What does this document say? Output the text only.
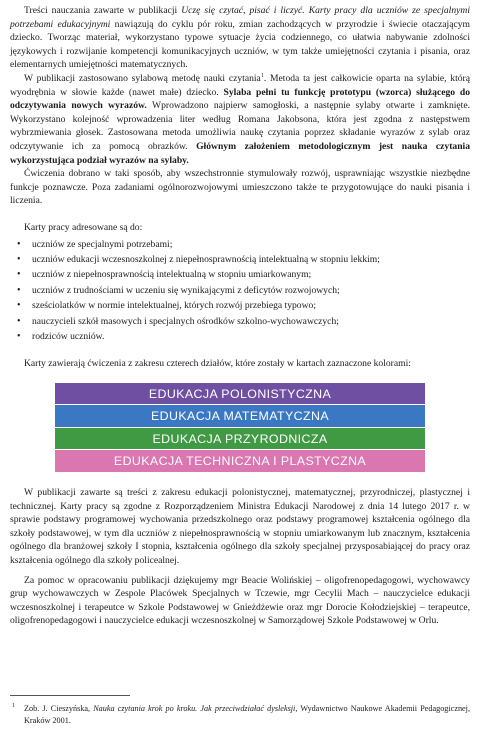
Treści nauczania zawarte w publikacji Uczę się czytać, pisać i liczyć. Karty pracy dla uczniów ze specjalnymi potrzebami edukacyjnymi nawiązują do cyklu pór roku, zmian zachodzących w przyrodzie i świecie otaczającym dziecko. Tworząc materiał, wykorzystano typowe sytuacje życia codziennego, co ułatwia nabywanie zdolności językowych i rozwijanie kompetencji komunikacyjnych uczniów, w tym także umiejętności czytania i pisania, oraz elementarnych umiejętności matematycznych.

W publikacji zastosowano sylabową metodę nauki czytania$^1$. Metoda ta jest całkowicie oparta na sylabie, którą wyodrębnia w słowie każde (nawet małe) dziecko. Sylaba pełni tu funkcję prototypu (wzorca) służącego do odczytywania nowych wyrazów. Wprowadzono najpierw samogłoski, a następnie sylaby otwarte i zamknięte. Wykorzystano kolejność wprowadzenia liter według Romana Jakobsona, która jest zgodna z następstwem wybrzmiewania głosek. Zastosowana metoda umożliwia naukę czytania poprzez składanie wyrazów z sylab oraz odczytywanie ich za pomocą obrazków. Głównym założeniem metodologicznym jest nauka czytania wykorzystująca podział wyrazów na sylaby.

Ćwiczenia dobrano w taki sposób, aby wszechstronnie stymulowały rozwój, usprawniając wszystkie niezbędne funkcje poznawcze. Poza zadaniami ogólnorozwojowymi umieszczono także te przygotowujące do nauki pisania i liczenia.

Karty pracy adresowane są do:

• uczniów ze specjalnymi potrzebami;
• uczniów edukacji wczesnoszkolnej z niepełnosprawnością intelektualną w stopniu lekkim;
• uczniów z niepełnosprawnością intelektualną w stopniu umiarkowanym;
• uczniów z trudnościami w uczeniu się wynikającymi z deficytów rozwojowych;
• sześciolatków w normie intelektualnej, których rozwój przebiega typowo;
• nauczycieli szkół masowych i specjalnych ośrodków szkolno-wychowawczych;
• rodziców uczniów.

Karty zawierają ćwiczenia z zakresu czterech działów, które zostały w kartach zaznaczone kolorami:

EDUKACJA POLONISTYCZNA
EDUKACJA MATEMATYCZNA
EDUKACJA PRZYRODNICZA
EDUKACJA TECHNICZNA I PLASTYCZNA

W publikacji zawarte są treści z zakresu edukacji polonistycznej, matematycznej, przyrodniczej, plastycznej i technicznej. Karty pracy są zgodne z Rozporządzeniem Ministra Edukacji Narodowej z dnia 14 lutego 2017 r. w sprawie podstawy programowej wychowania przedszkolnego oraz podstawy programowej kształcenia ogólnego dla szkoły podstawowej, w tym dla uczniów z niepełnosprawnością w stopniu umiarkowanym lub znacznym, kształcenia ogólnego dla branżowej szkoły I stopnia, kształcenia ogólnego dla szkoły specjalnej przysposabiającej do pracy oraz kształcenia ogólnego dla szkoły policealnej.

Za pomoc w opracowaniu publikacji dziękujemy mgr Beacie Wolińskiej – oligofrenopedagogowi, wychowawcy grup wychowawczych w Zespole Placówek Specjalnych w Tczewie, mgr Cecylii Mach – nauczycielce edukacji wczesnoszkolnej i terapeutce w Szkole Podstawowej w Gnieżdżewie oraz mgr Dorocie Kołodziejskiej – terapeutce, oligofrenopedagogowi i nauczycielce edukacji wczesnoszkolnej w Samorządowej Szkole Podstawowej w Orlu.

1 Zob. J. Cieszyńska, Nauka czytania krok po kroku. Jak przeciwdziałać dysleksji, Wydawnictwo Naukowe Akademii Pedagogicznej, Kraków 2001.
